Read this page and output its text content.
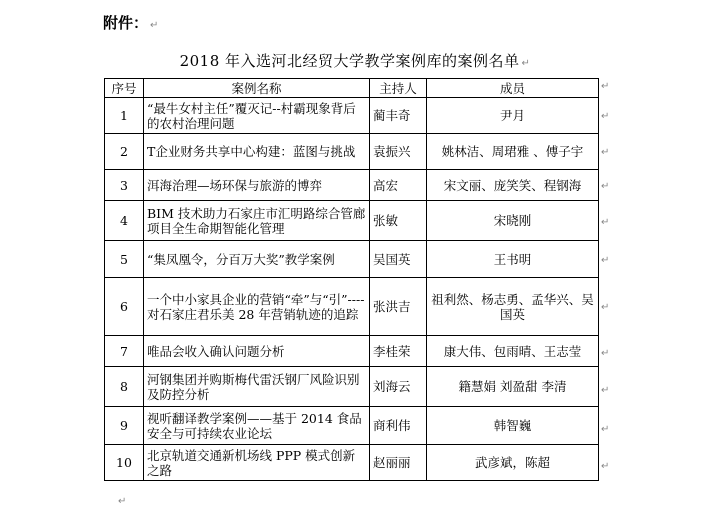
附件： ↵
2018 年入选河北经贸大学教学案例库的案例名单 ↵
序号	案例名称	主持人	成员
1	“最牛女村主任”覆灭记--村霸现象背后的农村治理问题	蔺丰奇	尹月
2	T企业财务共享中心构建：蓝图与挑战	袁振兴	姚林洁、周珺雅 、傅子宇
3	洱海治理—场环保与旅游的博弈	高宏	宋文丽、庞笑笑、程钢海
4	BIM 技术助力石家庄市汇明路综合管廊项目全生命期智能化管理	张敏	宋晓刚
5	“集凤凰令，分百万大奖”教学案例	吴国英	王书明
6	一个中小家具企业的营销“牵”与“引”----对石家庄君乐美 28 年营销轨迹的追踪	张洪吉	祖利然、杨志勇、孟华兴、吴国英
7	唯品会收入确认问题分析	李桂荣	康大伟、包雨晴、王志莹
8	河钢集团并购斯梅代雷沃钢厂风险识别及防控分析	刘海云	籍慧娟 刘盈甜 李清
9	视听翻译教学案例——基于 2014 食品安全与可持续农业论坛	商利伟	韩智巍
10	北京轨道交通新机场线 PPP 模式创新之路	赵丽丽	武彦斌，陈超
↵
↵
↵
↵
↵
↵
↵
↵
↵
↵
↵
↵
